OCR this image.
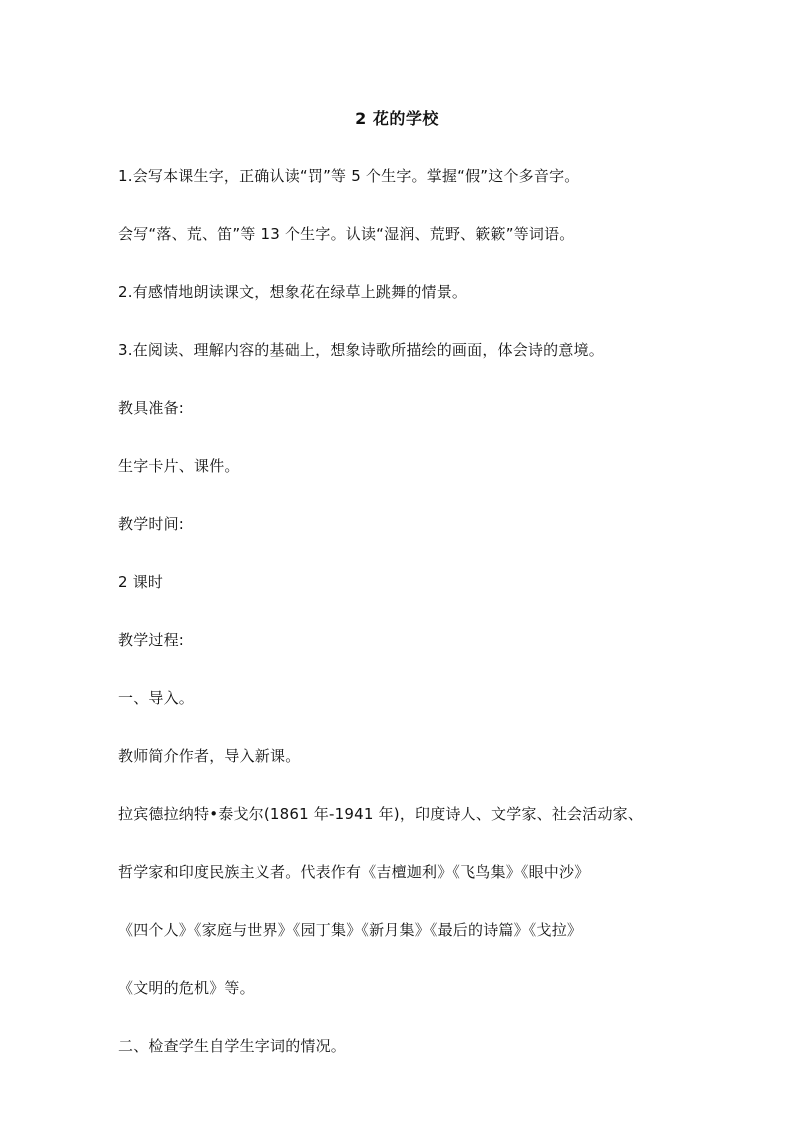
2 花的学校

1.会写本课生字，正确认读“罚”等 5 个生字。掌握“假”这个多音字。

会写“落、荒、笛”等 13 个生字。认读“湿润、荒野、簌簌”等词语。

2.有感情地朗读课文，想象花在绿草上跳舞的情景。

3.在阅读、理解内容的基础上，想象诗歌所描绘的画面，体会诗的意境。

教具准备:

生字卡片、课件。

教学时间:

2 课时

教学过程:

一、导入。

教师简介作者，导入新课。

拉宾德拉纳特•泰戈尔(1861 年-1941 年)，印度诗人、文学家、社会活动家、

哲学家和印度民族主义者。代表作有《吉檀迦利》《飞鸟集》《眼中沙》

《四个人》《家庭与世界》《园丁集》《新月集》《最后的诗篇》《戈拉》

《文明的危机》等。

二、检查学生自学生字词的情况。
